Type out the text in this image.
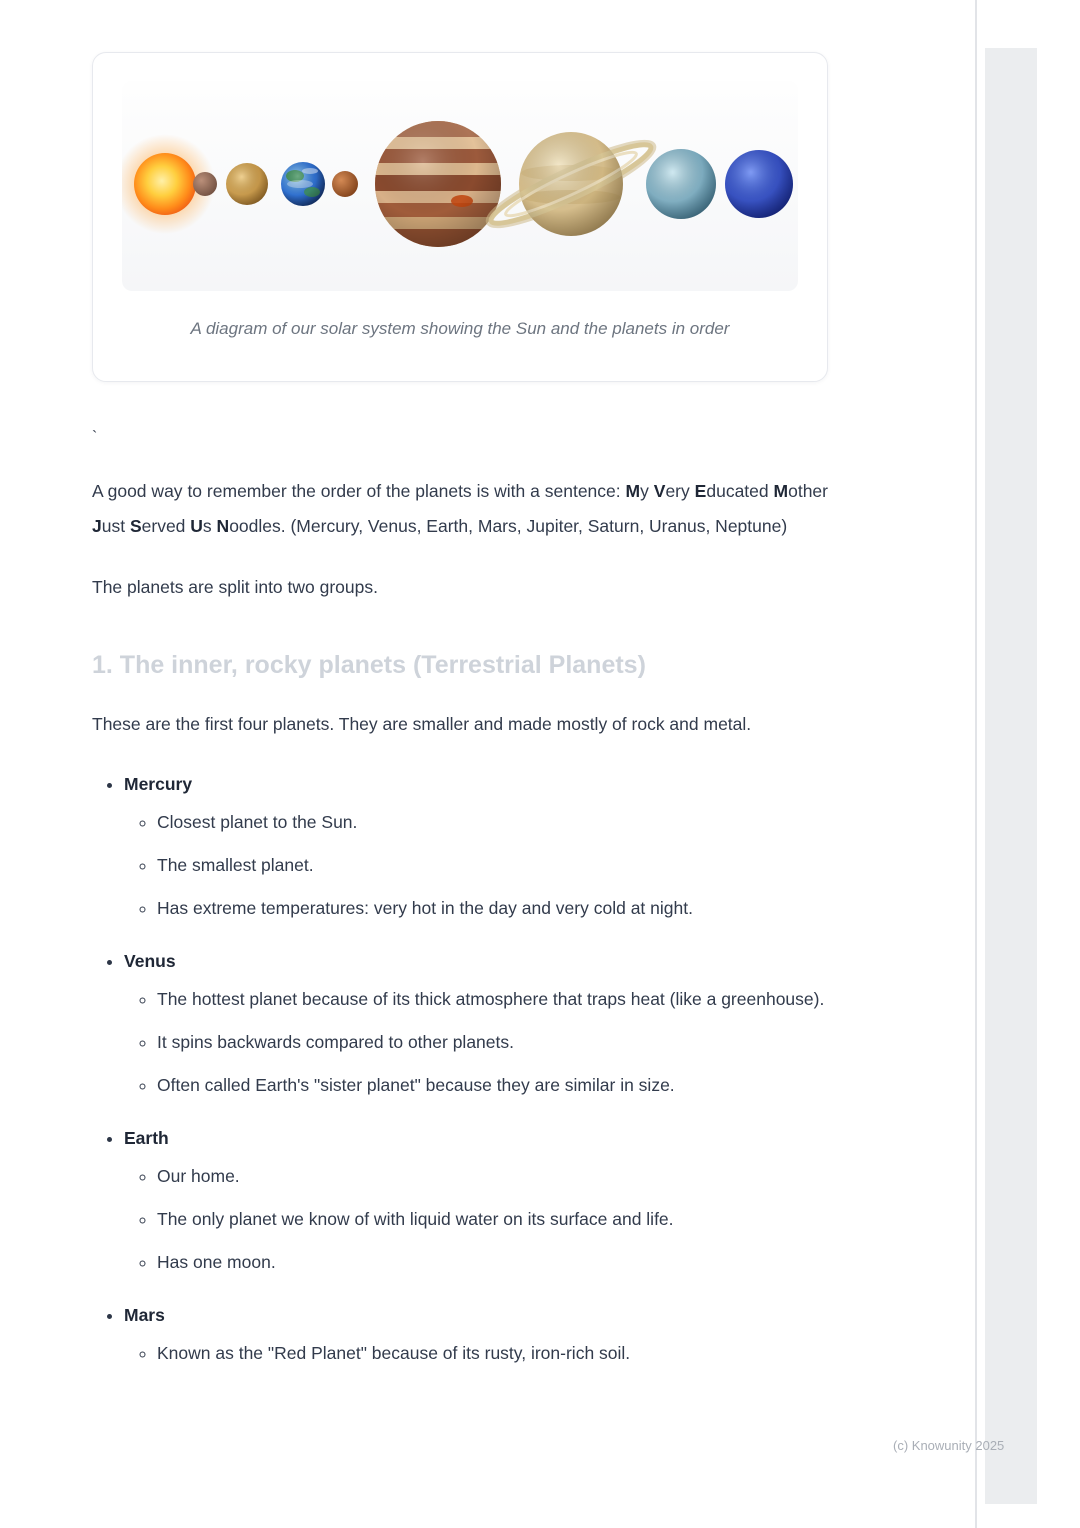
A diagram of our solar system showing the Sun and the planets in order

`

A good way to remember the order of the planets is with a sentence: My Very Educated Mother Just Served Us Noodles. (Mercury, Venus, Earth, Mars, Jupiter, Saturn, Uranus, Neptune)

The planets are split into two groups.

1. The inner, rocky planets (Terrestrial Planets)

These are the first four planets. They are smaller and made mostly of rock and metal.

• Mercury
◦ Closest planet to the Sun.
◦ The smallest planet.
◦ Has extreme temperatures: very hot in the day and very cold at night.
• Venus
◦ The hottest planet because of its thick atmosphere that traps heat (like a greenhouse).
◦ It spins backwards compared to other planets.
◦ Often called Earth's "sister planet" because they are similar in size.
• Earth
◦ Our home.
◦ The only planet we know of with liquid water on its surface and life.
◦ Has one moon.
• Mars
◦ Known as the "Red Planet" because of its rusty, iron-rich soil.
(c) Knowunity 2025
